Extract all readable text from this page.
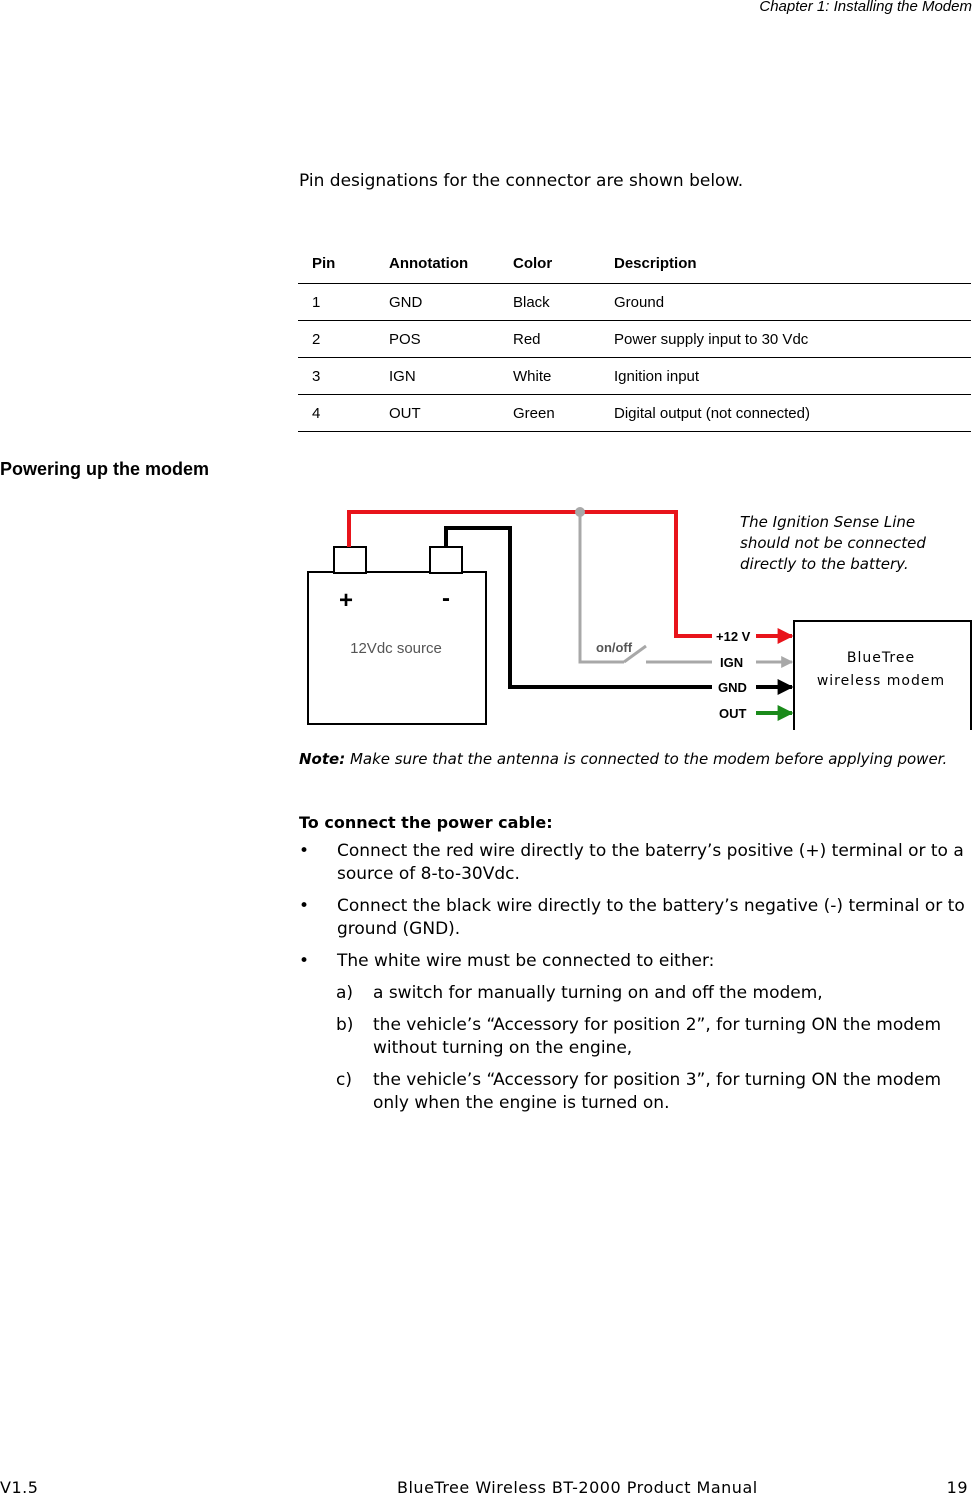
Chapter 1: Installing the Modem
Pin designations for the connector are shown below.
Pin	Annotation	Color	Description
1	GND	Black	Ground
2	POS	Red	Power supply input to 30 Vdc
3	IGN	White	Ignition input
4	OUT	Green	Digital output (not connected)
Powering up the modem
+	-
12Vdc source	on/off
+12 V
IGN
GND
OUT
BlueTree
wireless modem
The Ignition Sense Line
should not be connected
directly to the battery.
Note: Make sure that the antenna is connected to the modem before applying power.
To connect the power cable:
• Connect the red wire directly to the baterry’s positive (+) terminal or to a source of 8-to-30Vdc.
• Connect the black wire directly to the battery’s negative (-) terminal or to ground (GND).
• The white wire must be connected to either:
a) a switch for manually turning on and off the modem,
b) the vehicle’s “Accessory for position 2”, for turning ON the modem without turning on the engine,
c) the vehicle’s “Accessory for position 3”, for turning ON the modem only when the engine is turned on.
V1.5	BlueTree Wireless BT-2000 Product Manual	19
